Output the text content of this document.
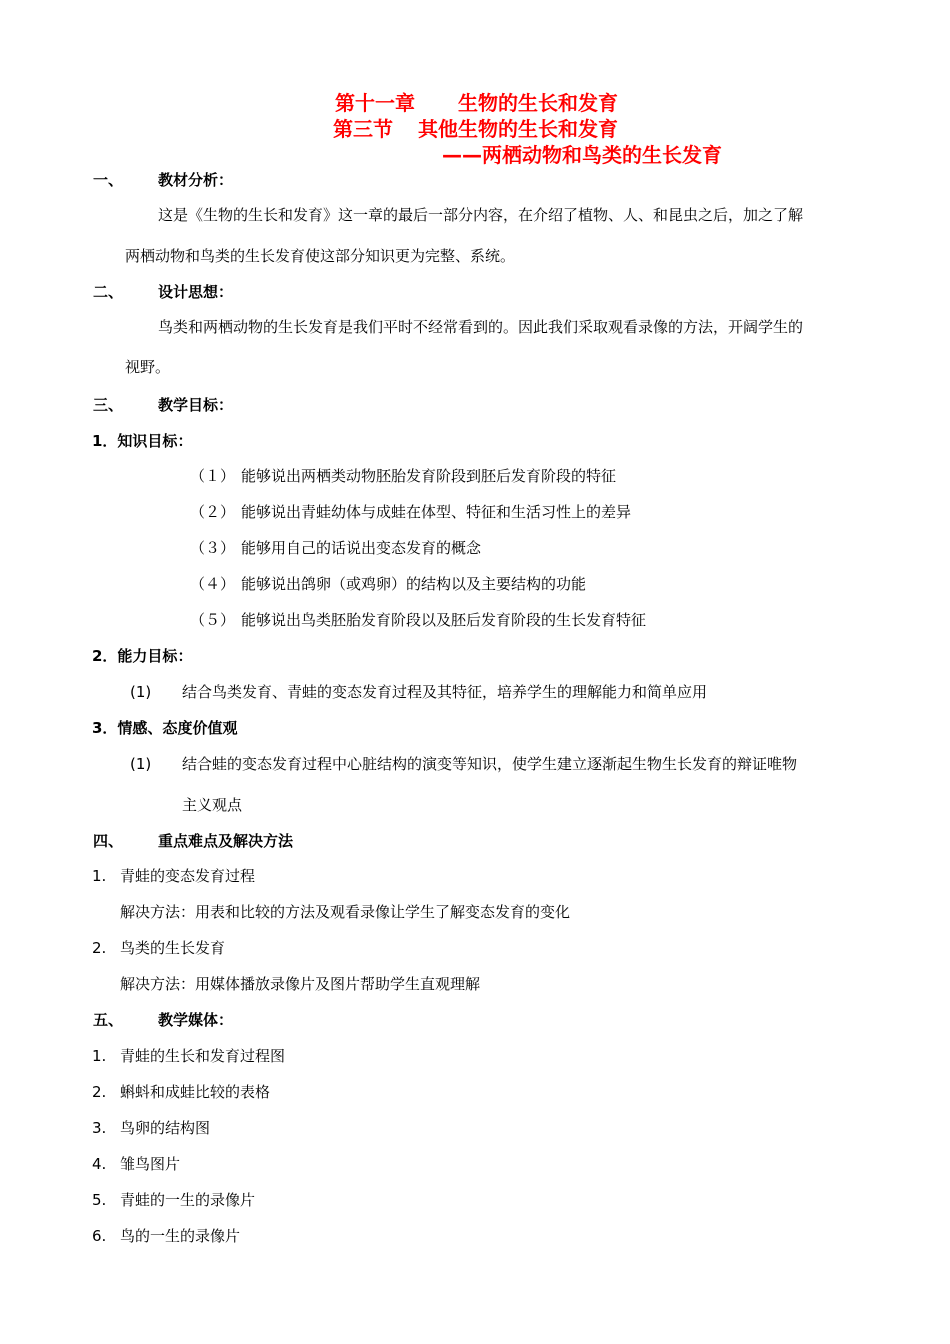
第十一章 生物的生长和发育
第三节 其他生物的生长和发育
——两栖动物和鸟类的生长发育
一、 教材分析：
这是《生物的生长和发育》这一章的最后一部分内容，在介绍了植物、人、和昆虫之后，加之了解
两栖动物和鸟类的生长发育使这部分知识更为完整、系统。
二、 设计思想：
鸟类和两栖动物的生长发育是我们平时不经常看到的。因此我们采取观看录像的方法，开阔学生的
视野。
三、 教学目标：
1．知识目标：
（１） 能够说出两栖类动物胚胎发育阶段到胚后发育阶段的特征
（２） 能够说出青蛙幼体与成蛙在体型、特征和生活习性上的差异
（３） 能够用自己的话说出变态发育的概念
（４） 能够说出鸽卵（或鸡卵）的结构以及主要结构的功能
（５） 能够说出鸟类胚胎发育阶段以及胚后发育阶段的生长发育特征
2．能力目标：
(1) 结合鸟类发育、青蛙的变态发育过程及其特征，培养学生的理解能力和简单应用
3．情感、态度价值观
(1) 结合蛙的变态发育过程中心脏结构的演变等知识，使学生建立逐渐起生物生长发育的辩证唯物
主义观点
四、 重点难点及解决方法
1. 青蛙的变态发育过程
解决方法：用表和比较的方法及观看录像让学生了解变态发育的变化
2. 鸟类的生长发育
解决方法：用媒体播放录像片及图片帮助学生直观理解
五、 教学媒体：
1. 青蛙的生长和发育过程图
2. 蝌蚪和成蛙比较的表格
3. 鸟卵的结构图
4. 雏鸟图片
5. 青蛙的一生的录像片
6. 鸟的一生的录像片
